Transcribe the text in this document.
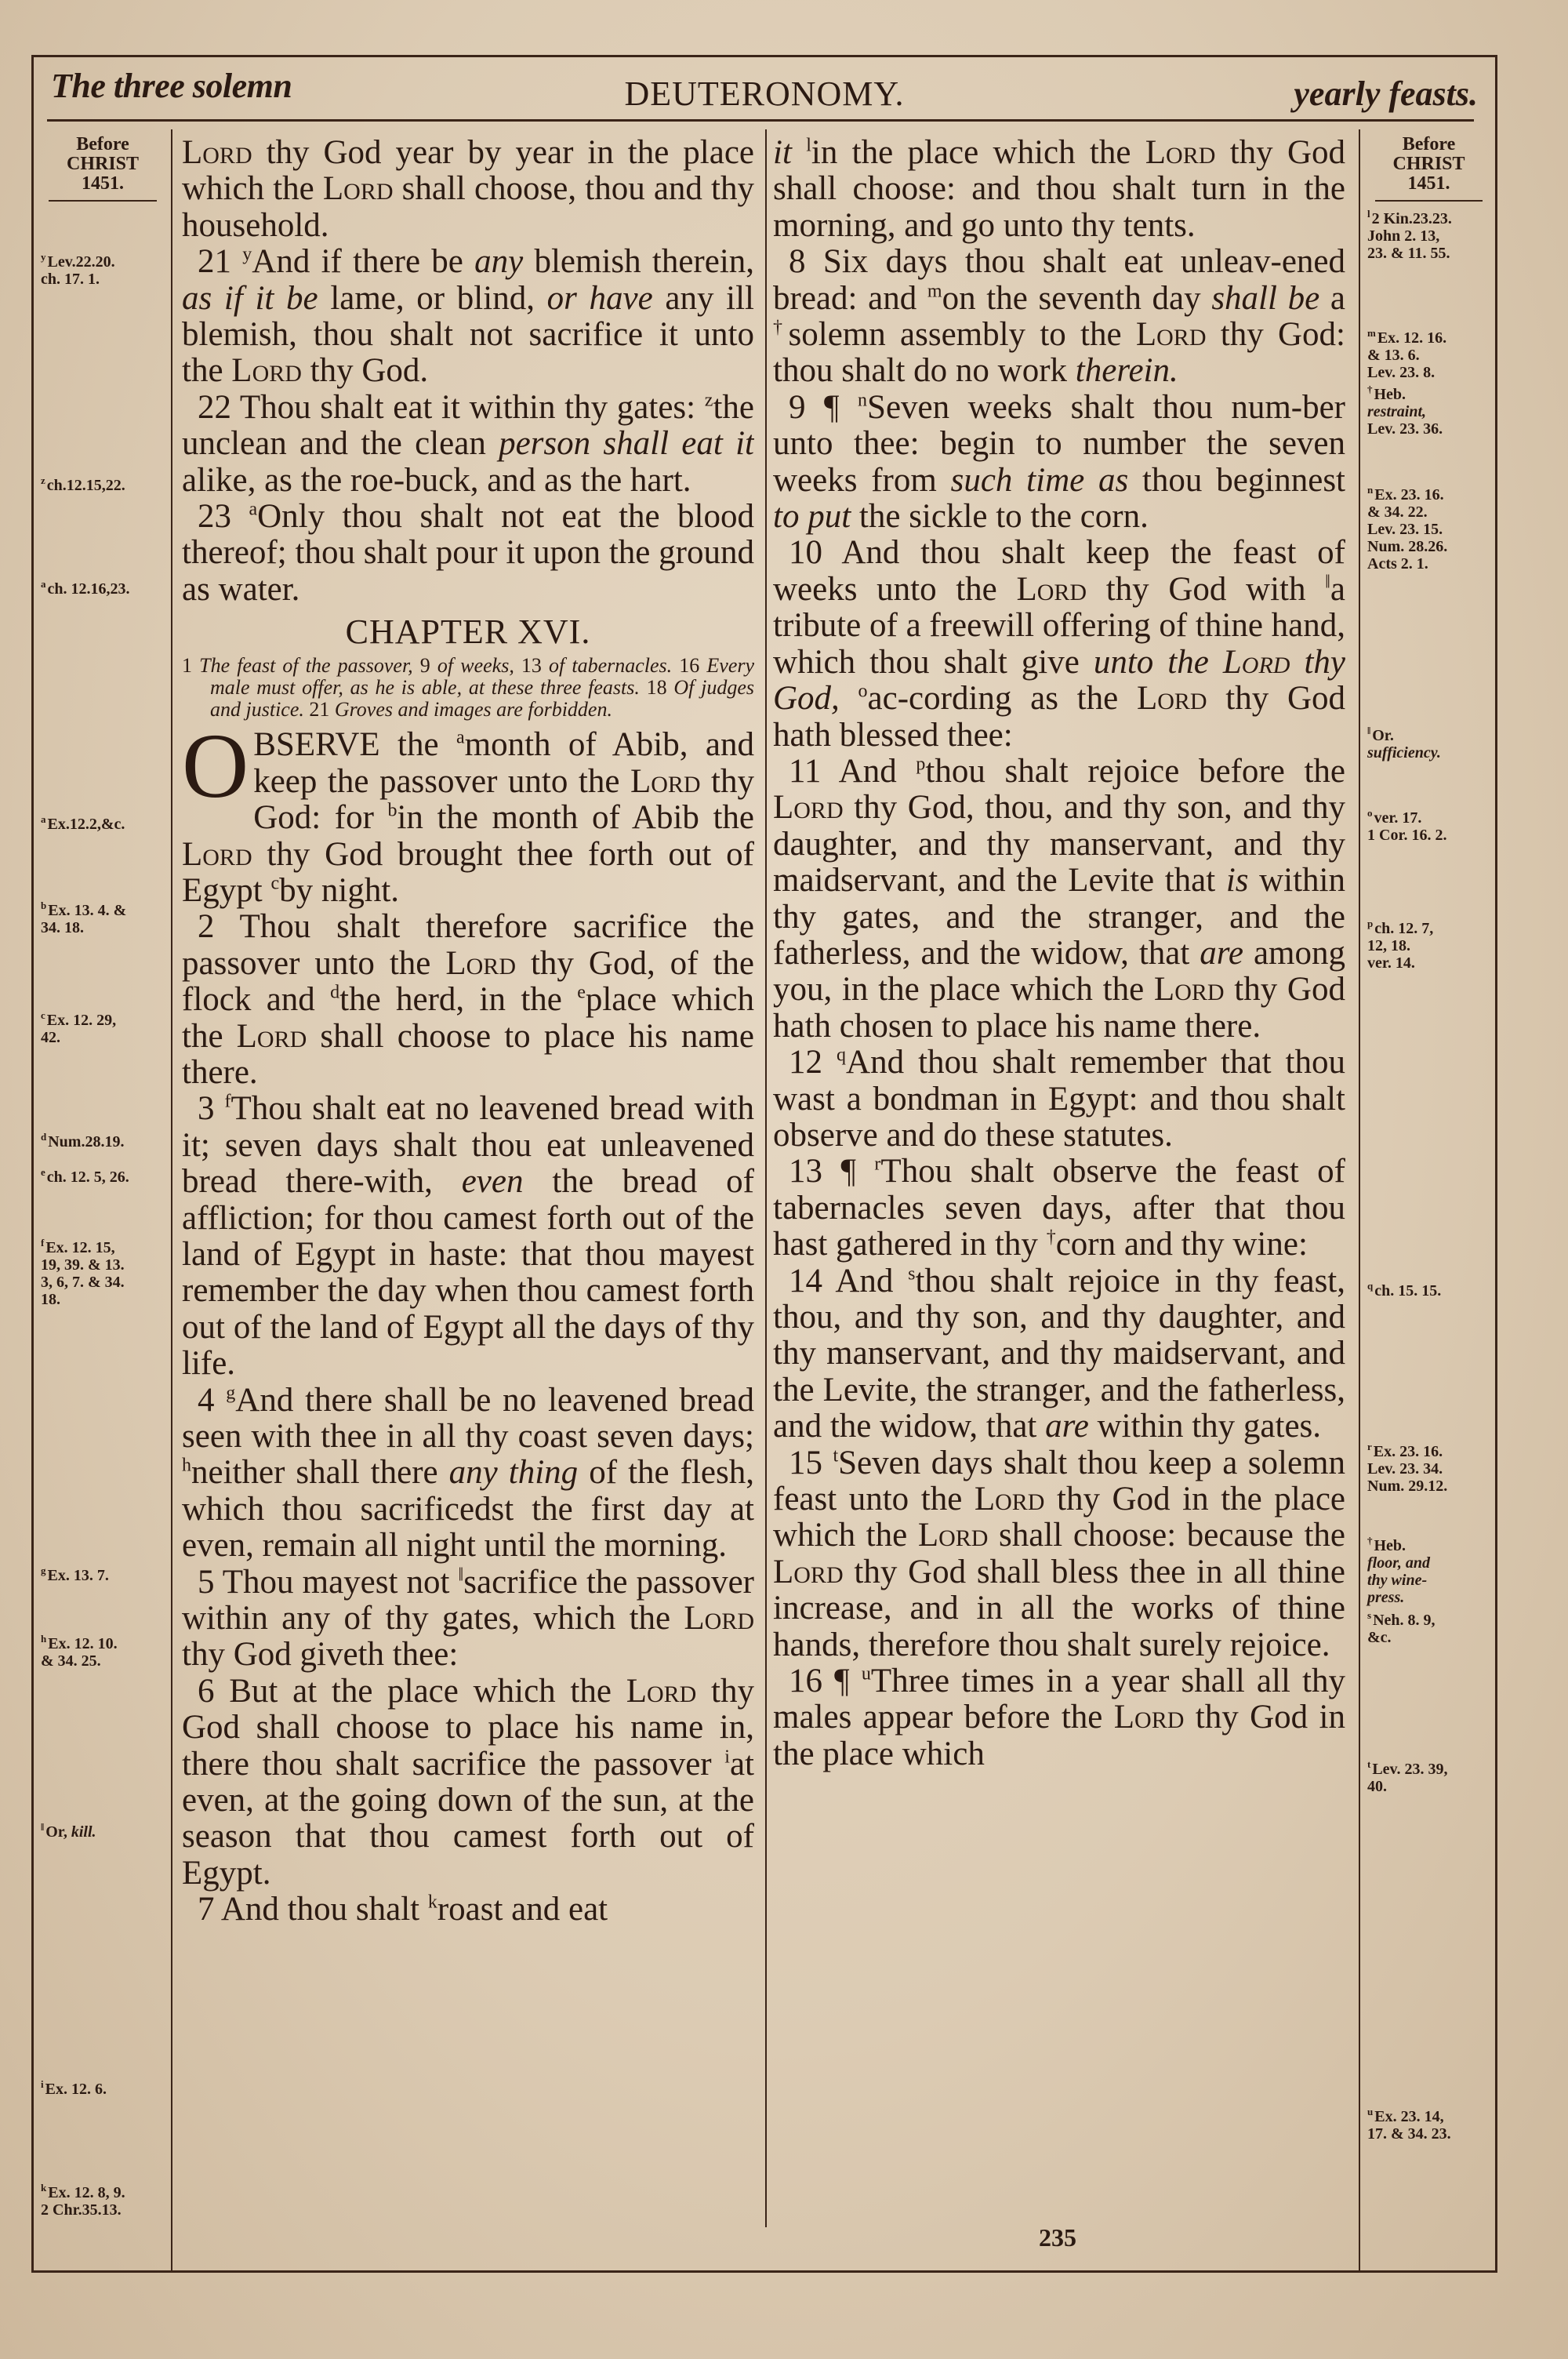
The three solemn	DEUTERONOMY.	yearly feasts.
Before
CHRIST
1451.
$^y$ Lev.22.20.
ch. 17. 1.
$^z$ ch.12.15,22.
$^a$ ch. 12.16,23.
$^a$ Ex.12.2,&c.
$^b$ Ex. 13. 4. &
34. 18.
$^c$ Ex. 12. 29,
42.
$^d$ Num.28.19.
$^e$ ch. 12. 5, 26.
$^f$ Ex. 12. 15,
19, 39. & 13.
3, 6, 7. & 34.
18.
$^g$ Ex. 13. 7.
$^h$ Ex. 12. 10.
& 34. 25.
‖ Or, kill.
$^i$ Ex. 12. 6.
$^k$ Ex. 12. 8, 9.
2 Chr.35.13.
Before
CHRIST
1451.
$^l$ 2 Kin.23.23.
John 2. 13,
23. & 11. 55.
$^m$ Ex. 12. 16.
& 13. 6.
Lev. 23. 8.
† Heb.
restraint,
Lev. 23. 36.
$^n$ Ex. 23. 16.
& 34. 22.
Lev. 23. 15.
Num. 28.26.
Acts 2. 1.
‖ Or.
sufficiency.
$^o$ ver. 17.
1 Cor. 16. 2.
$^p$ ch. 12. 7,
12, 18.
ver. 14.
$^q$ ch. 15. 15.
$^r$ Ex. 23. 16.
Lev. 23. 34.
Num. 29.12.
† Heb.
floor, and
thy wine-
press.
$^s$ Neh. 8. 9,
&c.
$^t$ Lev. 23. 39,
40.
$^u$ Ex. 23. 14,
17. & 34. 23.

Lord thy God year by year in the place which the Lord shall choose, thou and thy household.

21 $^y$And if there be any blemish therein, as if it be lame, or blind, or have any ill blemish, thou shalt not sacrifice it unto the Lord thy God.

22 Thou shalt eat it within thy gates: $^z$the unclean and the clean person shall eat it alike, as the roe-buck, and as the hart.

23 $^a$Only thou shalt not eat the blood thereof; thou shalt pour it upon the ground as water.

CHAPTER XVI.
1 The feast of the passover, 9 of weeks, 13 of tabernacles. 16 Every male must offer, as he is able, at these three feasts. 18 Of judges and justice. 21 Groves and images are forbidden.

OBSERVE the $^a$month of Abib, and keep the passover unto the Lord thy God: for $^b$in the month of Abib the Lord thy God brought thee forth out of Egypt $^c$by night.

2 Thou shalt therefore sacrifice the passover unto the Lord thy God, of the flock and $^d$the herd, in the $^e$place which the Lord shall choose to place his name there.

3 $^f$Thou shalt eat no leavened bread with it; seven days shalt thou eat unleavened bread there-with, even the bread of affliction; for thou camest forth out of the land of Egypt in haste: that thou mayest remember the day when thou camest forth out of the land of Egypt all the days of thy life.

4 $^g$And there shall be no leavened bread seen with thee in all thy coast seven days; $^h$neither shall there any thing of the flesh, which thou sacrificedst the first day at even, remain all night until the morning.

5 Thou mayest not ‖sacrifice the passover within any of thy gates, which the Lord thy God giveth thee:

6 But at the place which the Lord thy God shall choose to place his name in, there thou shalt sacrifice the passover $^i$at even, at the going down of the sun, at the season that thou camest forth out of Egypt.

7 And thou shalt $^k$roast and eat

it $^l$in the place which the Lord thy God shall choose: and thou shalt turn in the morning, and go unto thy tents.

8 Six days thou shalt eat unleav-ened bread: and $^m$on the seventh day shall be a †solemn assembly to the Lord thy God: thou shalt do no work therein.

9 ¶ $^n$Seven weeks shalt thou num-ber unto thee: begin to number the seven weeks from such time as thou beginnest to put the sickle to the corn.

10 And thou shalt keep the feast of weeks unto the Lord thy God with ‖a tribute of a freewill offering of thine hand, which thou shalt give unto the Lord thy God, $^o$ac-cording as the Lord thy God hath blessed thee:

11 And $^p$thou shalt rejoice before the Lord thy God, thou, and thy son, and thy daughter, and thy manservant, and thy maidservant, and the Levite that is within thy gates, and the stranger, and the fatherless, and the widow, that are among you, in the place which the Lord thy God hath chosen to place his name there.

12 $^q$And thou shalt remember that thou wast a bondman in Egypt: and thou shalt observe and do these statutes.

13 ¶ $^r$Thou shalt observe the feast of tabernacles seven days, after that thou hast gathered in thy †corn and thy wine:

14 And $^s$thou shalt rejoice in thy feast, thou, and thy son, and thy daughter, and thy manservant, and thy maidservant, and the Levite, the stranger, and the fatherless, and the widow, that are within thy gates.

15 $^t$Seven days shalt thou keep a solemn feast unto the Lord thy God in the place which the Lord shall choose: because the Lord thy God shall bless thee in all thine increase, and in all the works of thine hands, therefore thou shalt surely rejoice.

16 ¶ $^u$Three times in a year shall all thy males appear before the Lord thy God in the place which

235
